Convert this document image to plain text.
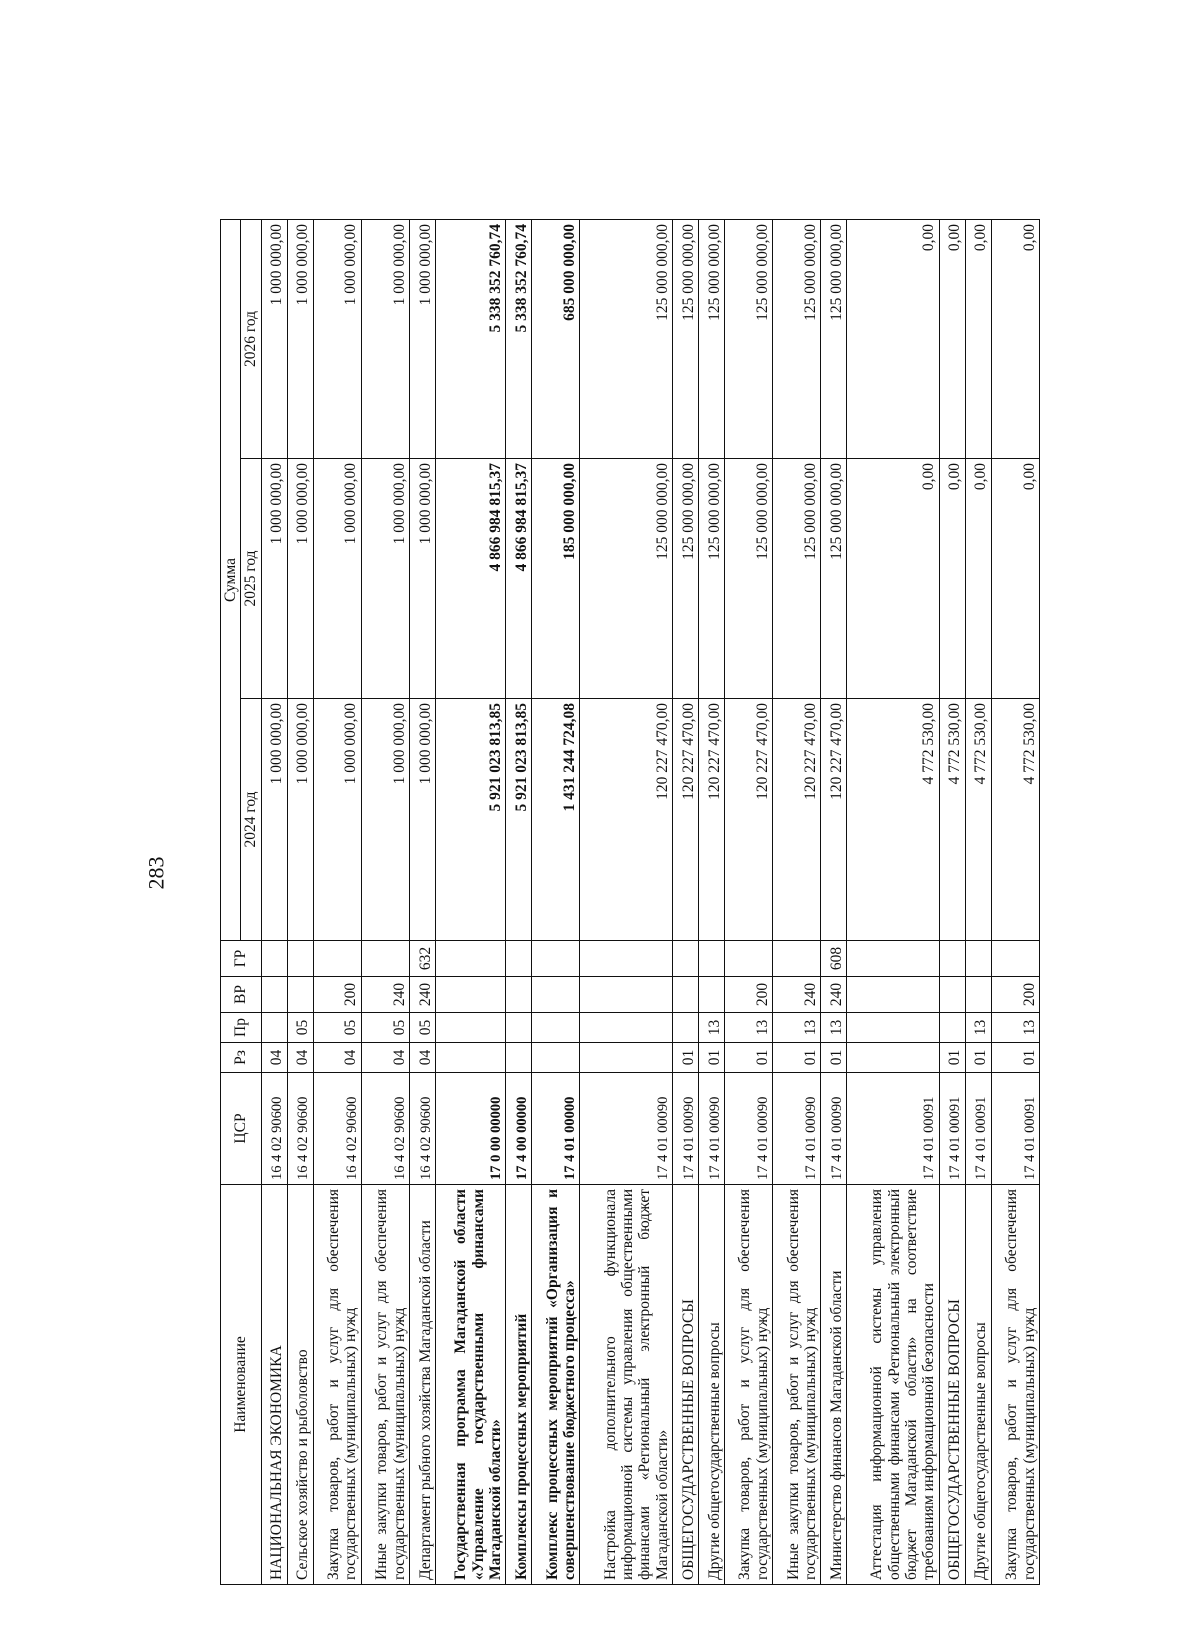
283
Наименование	ЦСР	Рз	Пр	ВР	ГР	Сумма		
						2024 год	2025 год	2026 год
НАЦИОНАЛЬНАЯ ЭКОНОМИКА	16 4 02 90600	04				1 000 000,00	1 000 000,00	1 000 000,00
Сельское хозяйство и рыболовство	16 4 02 90600	04	05			1 000 000,00	1 000 000,00	1 000 000,00
Закупка товаров, работ и услуг для обеспечения государственных (муниципальных) нужд	16 4 02 90600	04	05	200		1 000 000,00	1 000 000,00	1 000 000,00
Иные закупки товаров, работ и услуг для обеспечения государственных (муниципальных) нужд	16 4 02 90600	04	05	240		1 000 000,00	1 000 000,00	1 000 000,00
Департамент рыбного хозяйства Магаданской области	16 4 02 90600	04	05	240	632	1 000 000,00	1 000 000,00	1 000 000,00
Государственная программа Магаданской области «Управление государственными финансами Магаданской области»	17 0 00 00000					5 921 023 813,85	4 866 984 815,37	5 338 352 760,74
Комплексы процессных мероприятий	17 4 00 00000					5 921 023 813,85	4 866 984 815,37	5 338 352 760,74
Комплекс процессных мероприятий «Организация и совершенствование бюджетного процесса»	17 4 01 00000					1 431 244 724,08	185 000 000,00	685 000 000,00
Настройка дополнительного функционала информационной системы управления общественными финансами «Региональный электронный бюджет Магаданской области»	17 4 01 00090					120 227 470,00	125 000 000,00	125 000 000,00
ОБЩЕГОСУДАРСТВЕННЫЕ ВОПРОСЫ	17 4 01 00090	01				120 227 470,00	125 000 000,00	125 000 000,00
Другие общегосударственные вопросы	17 4 01 00090	01	13			120 227 470,00	125 000 000,00	125 000 000,00
Закупка товаров, работ и услуг для обеспечения государственных (муниципальных) нужд	17 4 01 00090	01	13	200		120 227 470,00	125 000 000,00	125 000 000,00
Иные закупки товаров, работ и услуг для обеспечения государственных (муниципальных) нужд	17 4 01 00090	01	13	240		120 227 470,00	125 000 000,00	125 000 000,00
Министерство финансов Магаданской области	17 4 01 00090	01	13	240	608	120 227 470,00	125 000 000,00	125 000 000,00
Аттестация информационной системы управления общественными финансами «Региональный электронный бюджет Магаданской области» на соответствие требованиям информационной безопасности	17 4 01 00091					4 772 530,00	0,00	0,00
ОБЩЕГОСУДАРСТВЕННЫЕ ВОПРОСЫ	17 4 01 00091	01				4 772 530,00	0,00	0,00
Другие общегосударственные вопросы	17 4 01 00091	01	13			4 772 530,00	0,00	0,00
Закупка товаров, работ и услуг для обеспечения государственных (муниципальных) нужд	17 4 01 00091	01	13	200		4 772 530,00	0,00	0,00
